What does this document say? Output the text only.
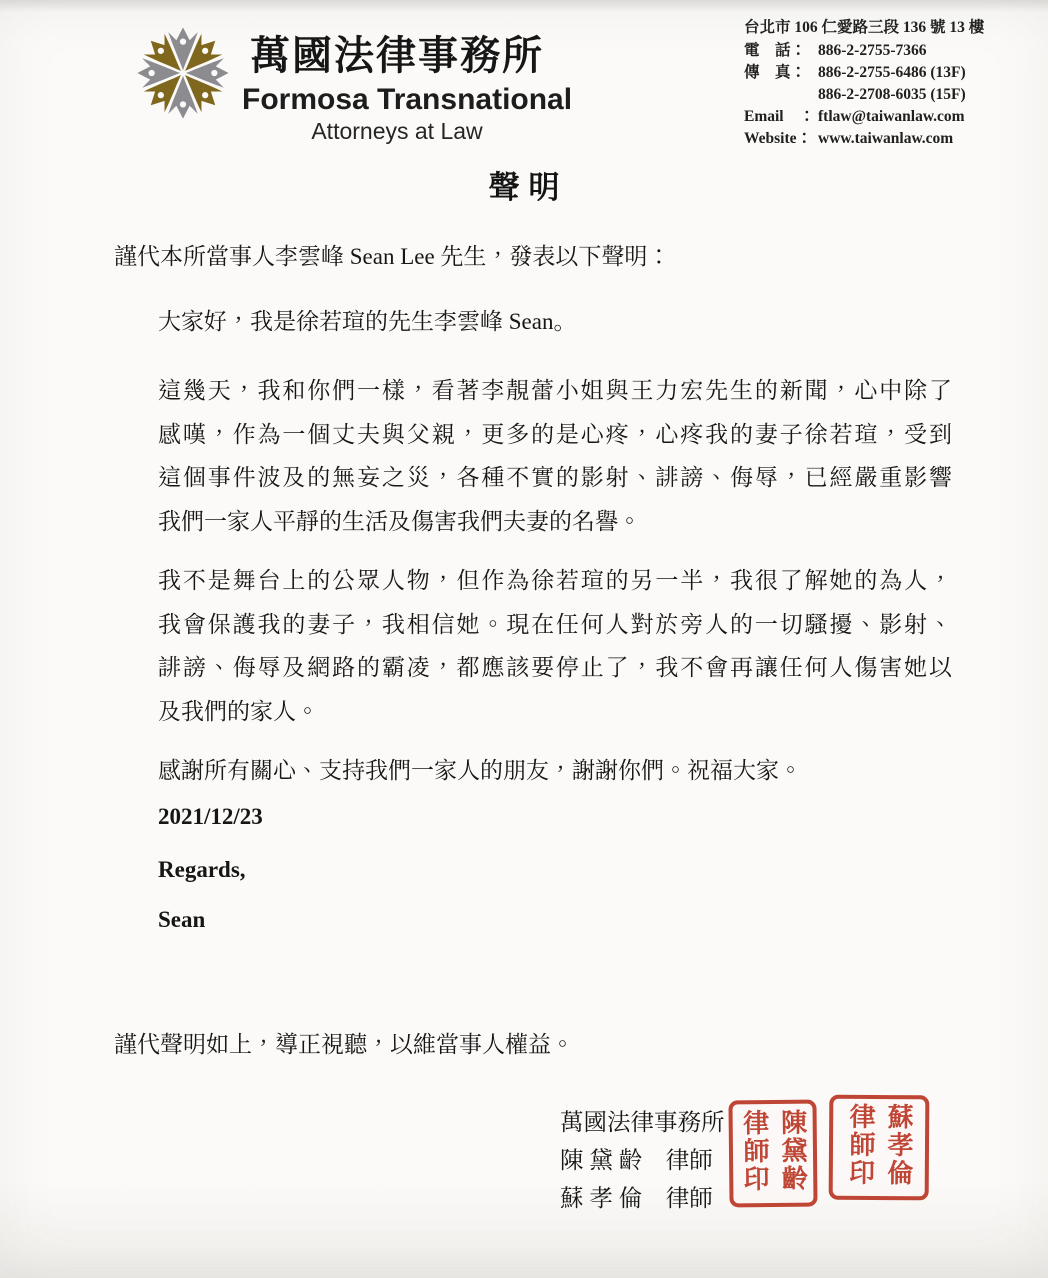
萬國法律事務所
Formosa Transnational
Attorneys at Law
台北市 106 仁愛路三段 136 號 13 樓
電　話： 886-2-2755-7366
傳　真： 886-2-2755-6486 (13F)
886-2-2708-6035 (15F)
Email　： ftlaw@taiwanlaw.com
Website： www.taiwanlaw.com
聲明
謹代本所當事人李雲峰 Sean Lee 先生，發表以下聲明：
大家好，我是徐若瑄的先生李雲峰 Sean。
這幾天，我和你們一樣，看著李靚蕾小姐與王力宏先生的新聞，心中除了
感嘆，作為一個丈夫與父親，更多的是心疼，心疼我的妻子徐若瑄，受到
這個事件波及的無妄之災，各種不實的影射、誹謗、侮辱，已經嚴重影響
我們一家人平靜的生活及傷害我們夫妻的名譽。
我不是舞台上的公眾人物，但作為徐若瑄的另一半，我很了解她的為人，
我會保護我的妻子，我相信她。現在任何人對於旁人的一切騷擾、影射、
誹謗、侮辱及網路的霸凌，都應該要停止了，我不會再讓任何人傷害她以
及我們的家人。
感謝所有關心、支持我們一家人的朋友，謝謝你們。祝福大家。
2021/12/23
Regards,
Sean
謹代聲明如上，導正視聽，以維當事人權益。
萬國法律事務所
陳 黛 齡　律師
蘇 孝 倫　律師
陳黛齡律師印	蘇孝倫律師印
